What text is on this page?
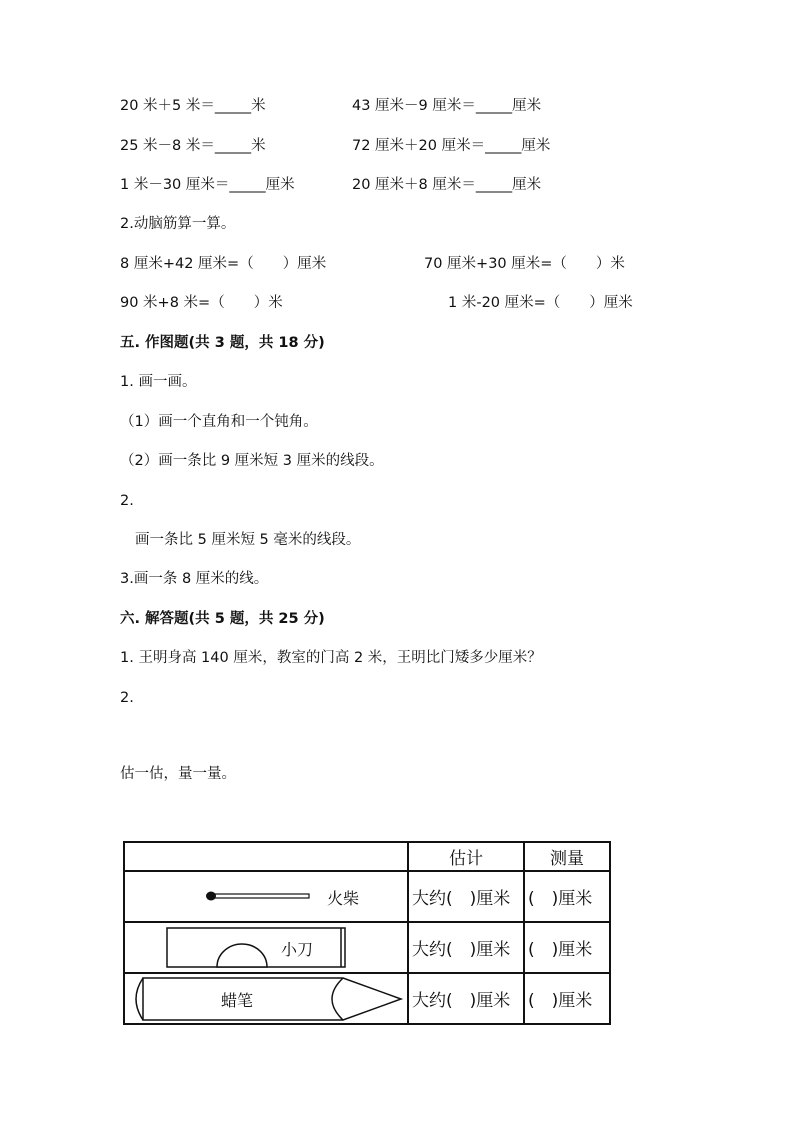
20 米＋5 米＝_____米	43 厘米－9 厘米＝_____厘米
25 米－8 米＝_____米	72 厘米＋20 厘米＝_____厘米
1 米－30 厘米＝_____厘米	20 厘米＋8 厘米＝_____厘米
2.动脑筋算一算。
8 厘米+42 厘米=（　　）厘米	70 厘米+30 厘米=（　　）米
90 米+8 米=（　　）米	1 米-20 厘米=（　　）厘米
五. 作图题(共 3 题，共 18 分)
1. 画一画。
（1）画一个直角和一个钝角。
（2）画一条比 9 厘米短 3 厘米的线段。
2.
画一条比 5 厘米短 5 毫米的线段。
3.画一条 8 厘米的线。
六. 解答题(共 5 题，共 25 分)
1. 王明身高 140 厘米，教室的门高 2 米，王明比门矮多少厘米？
2.
估一估，量一量。
	估计	测量

火柴	大约(　)厘米	(　)厘米

小刀	大约(　)厘米	(　)厘米

蜡笔	大约(　)厘米	(　)厘米
